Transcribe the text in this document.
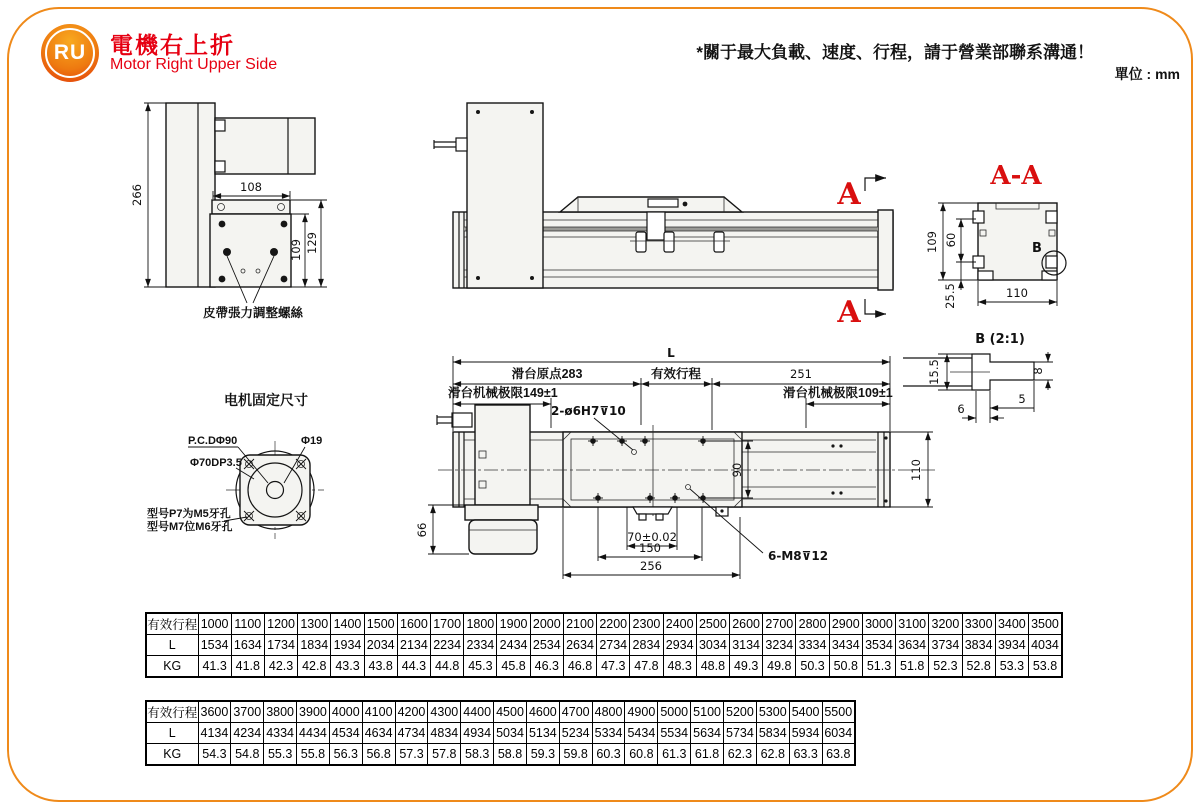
RU 電機右上折
Motor Right Upper Side
*關于最大負載、速度、行程，請于營業部聯系溝通！
單位 : mm
皮帶張力調整螺絲
266	108
109 129
A
A
A-A
B
109 60
25.5	110
B (2:1)
15.5	8
6
5
L
滑台原点283	有效行程	251
滑台机械极限149±1	滑台机械极限109±1
2-ø6H7⊽10
6-M8⊽12
66	70±0.02
150
256
90	110
电机固定尺寸
P.C.DΦ90	Φ19
Φ70DP3.5
型号P7为M5牙孔
型号M7位M6牙孔
有效行程	1000	1100	1200	1300	1400	1500	1600	1700	1800	1900	2000	2100	2200	2300	2400	2500	2600	2700	2800	2900	3000	3100	3200	3300	3400	3500
L	1534	1634	1734	1834	1934	2034	2134	2234	2334	2434	2534	2634	2734	2834	2934	3034	3134	3234	3334	3434	3534	3634	3734	3834	3934	4034
KG	41.3	41.8	42.3	42.8	43.3	43.8	44.3	44.8	45.3	45.8	46.3	46.8	47.3	47.8	48.3	48.8	49.3	49.8	50.3	50.8	51.3	51.8	52.3	52.8	53.3	53.8
有效行程	3600	3700	3800	3900	4000	4100	4200	4300	4400	4500	4600	4700	4800	4900	5000	5100	5200	5300	5400	5500
L	4134	4234	4334	4434	4534	4634	4734	4834	4934	5034	5134	5234	5334	5434	5534	5634	5734	5834	5934	6034
KG	54.3	54.8	55.3	55.8	56.3	56.8	57.3	57.8	58.3	58.8	59.3	59.8	60.3	60.8	61.3	61.8	62.3	62.8	63.3	63.8
